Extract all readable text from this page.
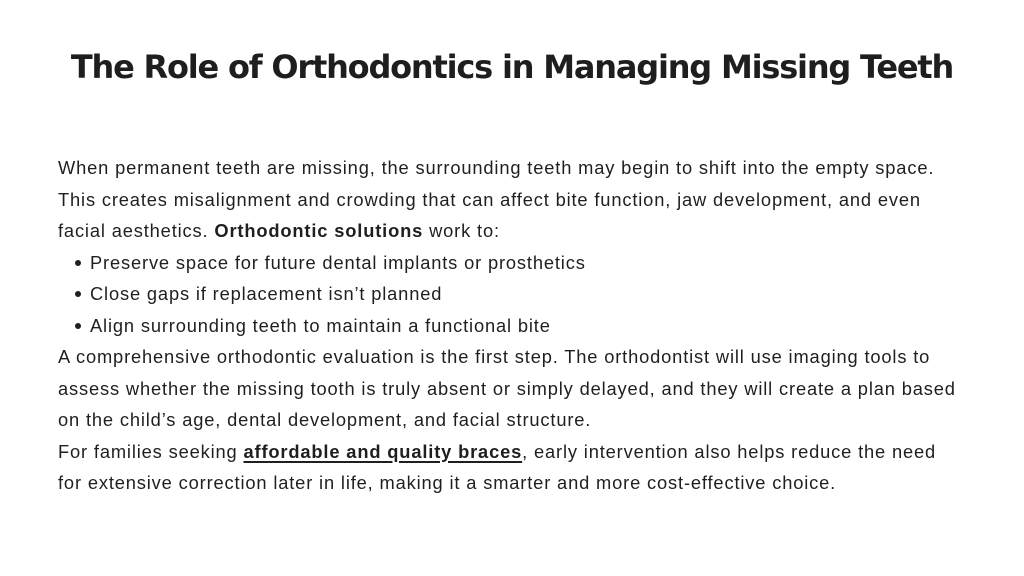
The Role of Orthodontics in Managing Missing Teeth

When permanent teeth are missing, the surrounding teeth may begin to shift into the empty space. This creates misalignment and crowding that can affect bite function, jaw development, and even facial aesthetics. Orthodontic solutions work to:

Preserve space for future dental implants or prosthetics
Close gaps if replacement isn’t planned
Align surrounding teeth to maintain a functional bite

A comprehensive orthodontic evaluation is the first step. The orthodontist will use imaging tools to assess whether the missing tooth is truly absent or simply delayed, and they will create a plan based on the child’s age, dental development, and facial structure.

For families seeking affordable and quality braces, early intervention also helps reduce the need for extensive correction later in life, making it a smarter and more cost-effective choice.
